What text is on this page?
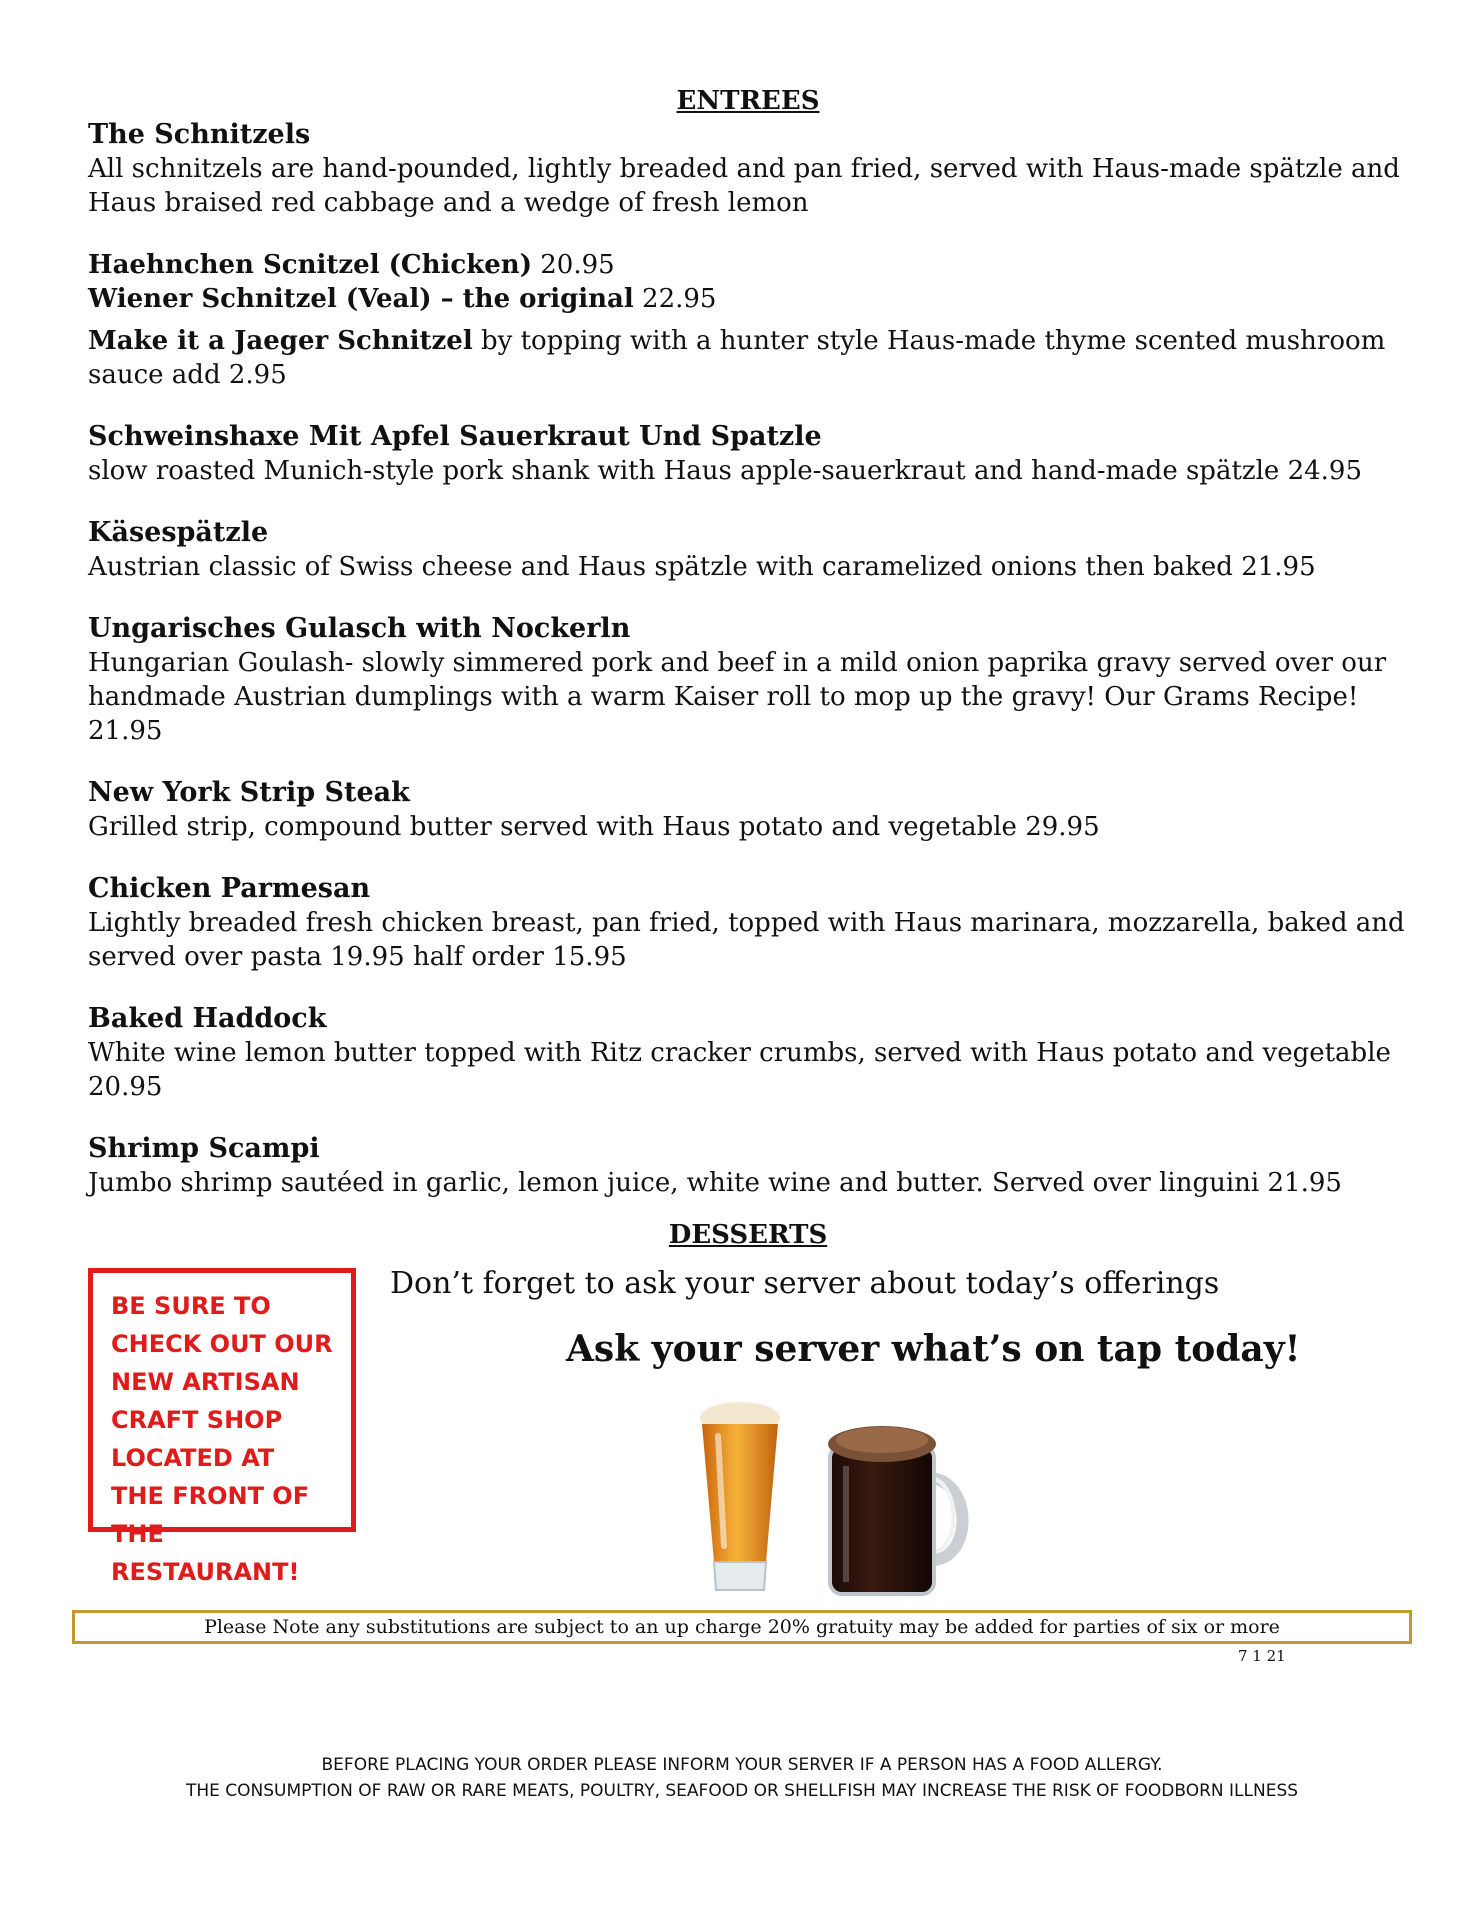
ENTREES

The Schnitzels

All schnitzels are hand-pounded, lightly breaded and pan fried, served with Haus-made spätzle and Haus braised red cabbage and a wedge of fresh lemon

Haehnchen Scnitzel (Chicken) 20.95

Wiener Schnitzel (Veal) – the original 22.95

Make it a Jaeger Schnitzel by topping with a hunter style Haus-made thyme scented mushroom sauce add 2.95

Schweinshaxe Mit Apfel Sauerkraut Und Spatzle

slow roasted Munich-style pork shank with Haus apple-sauerkraut and hand-made spätzle 24.95

Käsespätzle

Austrian classic of Swiss cheese and Haus spätzle with caramelized onions then baked 21.95

Ungarisches Gulasch with Nockerln

Hungarian Goulash- slowly simmered pork and beef in a mild onion paprika gravy served over our handmade Austrian dumplings with a warm Kaiser roll to mop up the gravy! Our Grams Recipe! 21.95

New York Strip Steak

Grilled strip, compound butter served with Haus potato and vegetable 29.95

Chicken Parmesan

Lightly breaded fresh chicken breast, pan fried, topped with Haus marinara, mozzarella, baked and served over pasta 19.95 half order 15.95

Baked Haddock

White wine lemon butter topped with Ritz cracker crumbs, served with Haus potato and vegetable 20.95

Shrimp Scampi

Jumbo shrimp sautéed in garlic, lemon juice, white wine and butter. Served over linguini 21.95

DESSERTS
BE SURE TO CHECK OUT OUR NEW ARTISAN CRAFT SHOP LOCATED AT THE FRONT OF THE RESTAURANT!
Don’t forget to ask your server about today’s offerings
Ask your server what’s on tap today!
Please Note any substitutions are subject to an up charge 20% gratuity may be added for parties of six or more
7 1 21
BEFORE PLACING YOUR ORDER PLEASE INFORM YOUR SERVER IF A PERSON HAS A FOOD ALLERGY.
THE CONSUMPTION OF RAW OR RARE MEATS, POULTRY, SEAFOOD OR SHELLFISH MAY INCREASE THE RISK OF FOODBORN ILLNESS
